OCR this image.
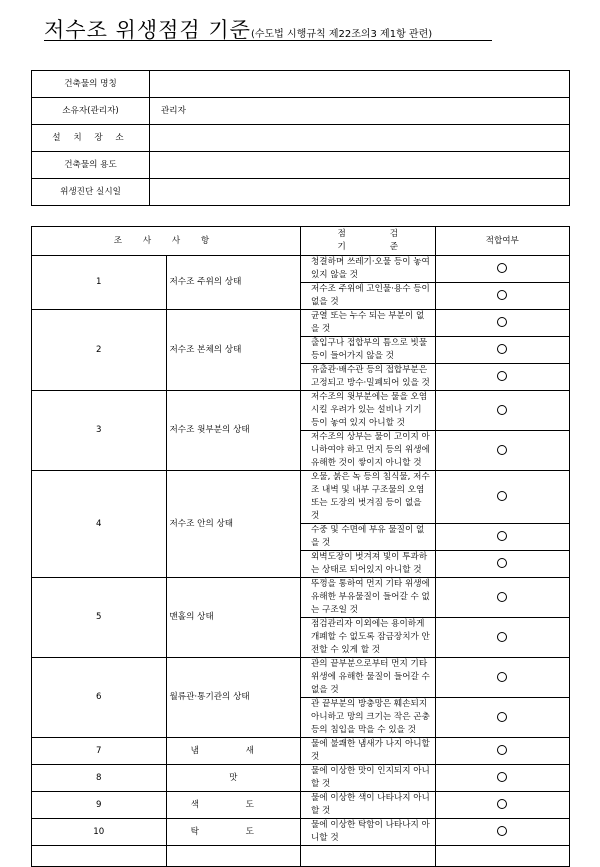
저수조 위생점검 기준(수도법 시행규칙 제22조의3 제1항 관련)
건축물의 명칭	
소유자(관리자)	관리자
설 치 장 소	
건축물의 용도	
위생진단 실시일	
조 사 사 항		점 검기 준	적합여부
1	저수조 주위의 상태	청결하며 쓰레기·오물 등이 놓여 있지 않을 것	
		저수조 주위에 고인물·용수 등이 없을 것	
2	저수조 본체의 상태	균열 또는 누수 되는 부분이 없을 것	
		출입구나 접합부의 틈으로 빗물 등이 들어가지 않을 것	
		유출관·배수관 등의 접합부분은 고정되고 방수·밀폐되어 있을 것	
3	저수조 윗부분의 상태	저수조의 윗부분에는 물을 오염시킬 우려가 있는 설비나 기기 등이 놓여 있지 아니할 것	
		저수조의 상부는 물이 고이지 아니하여야 하고 먼지 등의 위생에 유해한 것이 쌓이지 아니할 것	
4	저수조 안의 상태	오물, 붉은 녹 등의 침식물, 저수조 내벽 및 내부 구조물의 오염 또는 도장의 벗겨짐 등이 없을 것	
		수중 및 수면에 부유 물질이 없을 것	
		외벽도장이 벗겨져 빛이 투과하는 상태로 되어있지 아니할 것	
5	맨홀의 상태	뚜껑을 통하여 먼지 기타 위생에 유해한 부유물질이 들어갈 수 없는 구조일 것	
		점검관리자 이외에는 용이하게 개폐할 수 없도록 잠금장치가 안전할 수 있게 할 것	
6	월류관·통기관의 상태	관의 끝부분으로부터 먼지 기타 위생에 유해한 물질이 들어갈 수 없을 것	
		관 끝부분의 방충망은 훼손되지 아니하고 망의 크기는 작은 곤충 등의 침입을 막을 수 있을 것	
7	냄 새	물에 불쾌한 냄새가 나지 아니할 것	
8	맛	물에 이상한 맛이 인지되지 아니할 것	
9	색 도	물에 이상한 색이 나타나지 아니할 것	
10	탁 도	물에 이상한 탁함이 나타나지 아니할 것	
